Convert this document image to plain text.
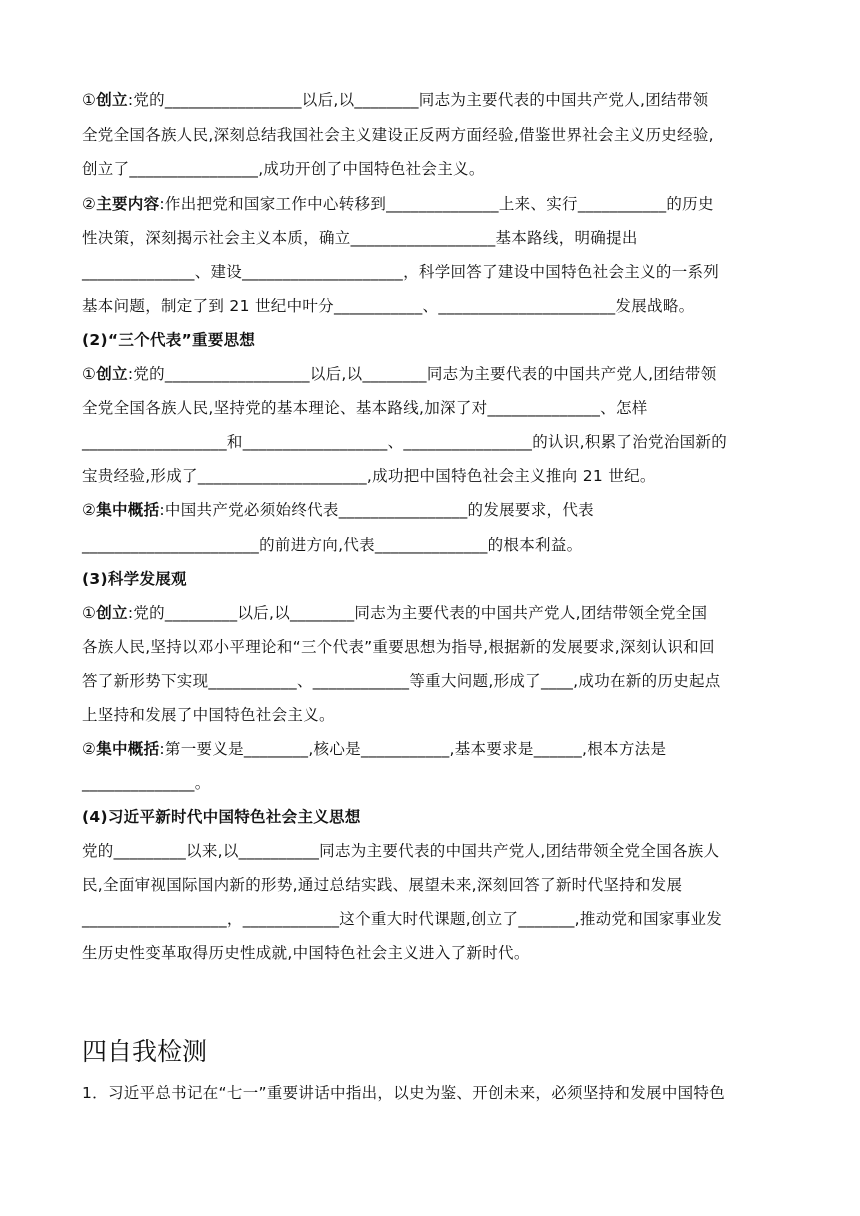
①创立:党的_________________以后,以________同志为主要代表的中国共产党人,团结带领
全党全国各族人民,深刻总结我国社会主义建设正反两方面经验,借鉴世界社会主义历史经验,
创立了________________,成功开创了中国特色社会主义。
②主要内容:作出把党和国家工作中心转移到______________上来、实行___________的历史
性决策，深刻揭示社会主义本质，确立__________________基本路线，明确提出
______________、建设____________________，科学回答了建设中国特色社会主义的一系列
基本问题，制定了到 21 世纪中叶分___________、______________________发展战略。
(2)“三个代表”重要思想
①创立:党的__________________以后,以________同志为主要代表的中国共产党人,团结带领
全党全国各族人民,坚持党的基本理论、基本路线,加深了对______________、怎样
__________________和__________________、________________的认识,积累了治党治国新的
宝贵经验,形成了_____________________,成功把中国特色社会主义推向 21 世纪。
②集中概括:中国共产党必须始终代表________________的发展要求，代表
______________________的前进方向,代表______________的根本利益。
(3)科学发展观
①创立:党的_________以后,以________同志为主要代表的中国共产党人,团结带领全党全国
各族人民,坚持以邓小平理论和“三个代表”重要思想为指导,根据新的发展要求,深刻认识和回
答了新形势下实现___________、____________等重大问题,形成了____,成功在新的历史起点
上坚持和发展了中国特色社会主义。
②集中概括:第一要义是________,核心是___________,基本要求是______,根本方法是
______________。
(4)习近平新时代中国特色社会主义思想
党的_________以来,以__________同志为主要代表的中国共产党人,团结带领全党全国各族人
民,全面审视国际国内新的形势,通过总结实践、展望未来,深刻回答了新时代坚持和发展
__________________，____________这个重大时代课题,创立了_______,推动党和国家事业发
生历史性变革取得历史性成就,中国特色社会主义进入了新时代。
四自我检测
1．习近平总书记在“七一”重要讲话中指出，以史为鉴、开创未来，必须坚持和发展中国特色
